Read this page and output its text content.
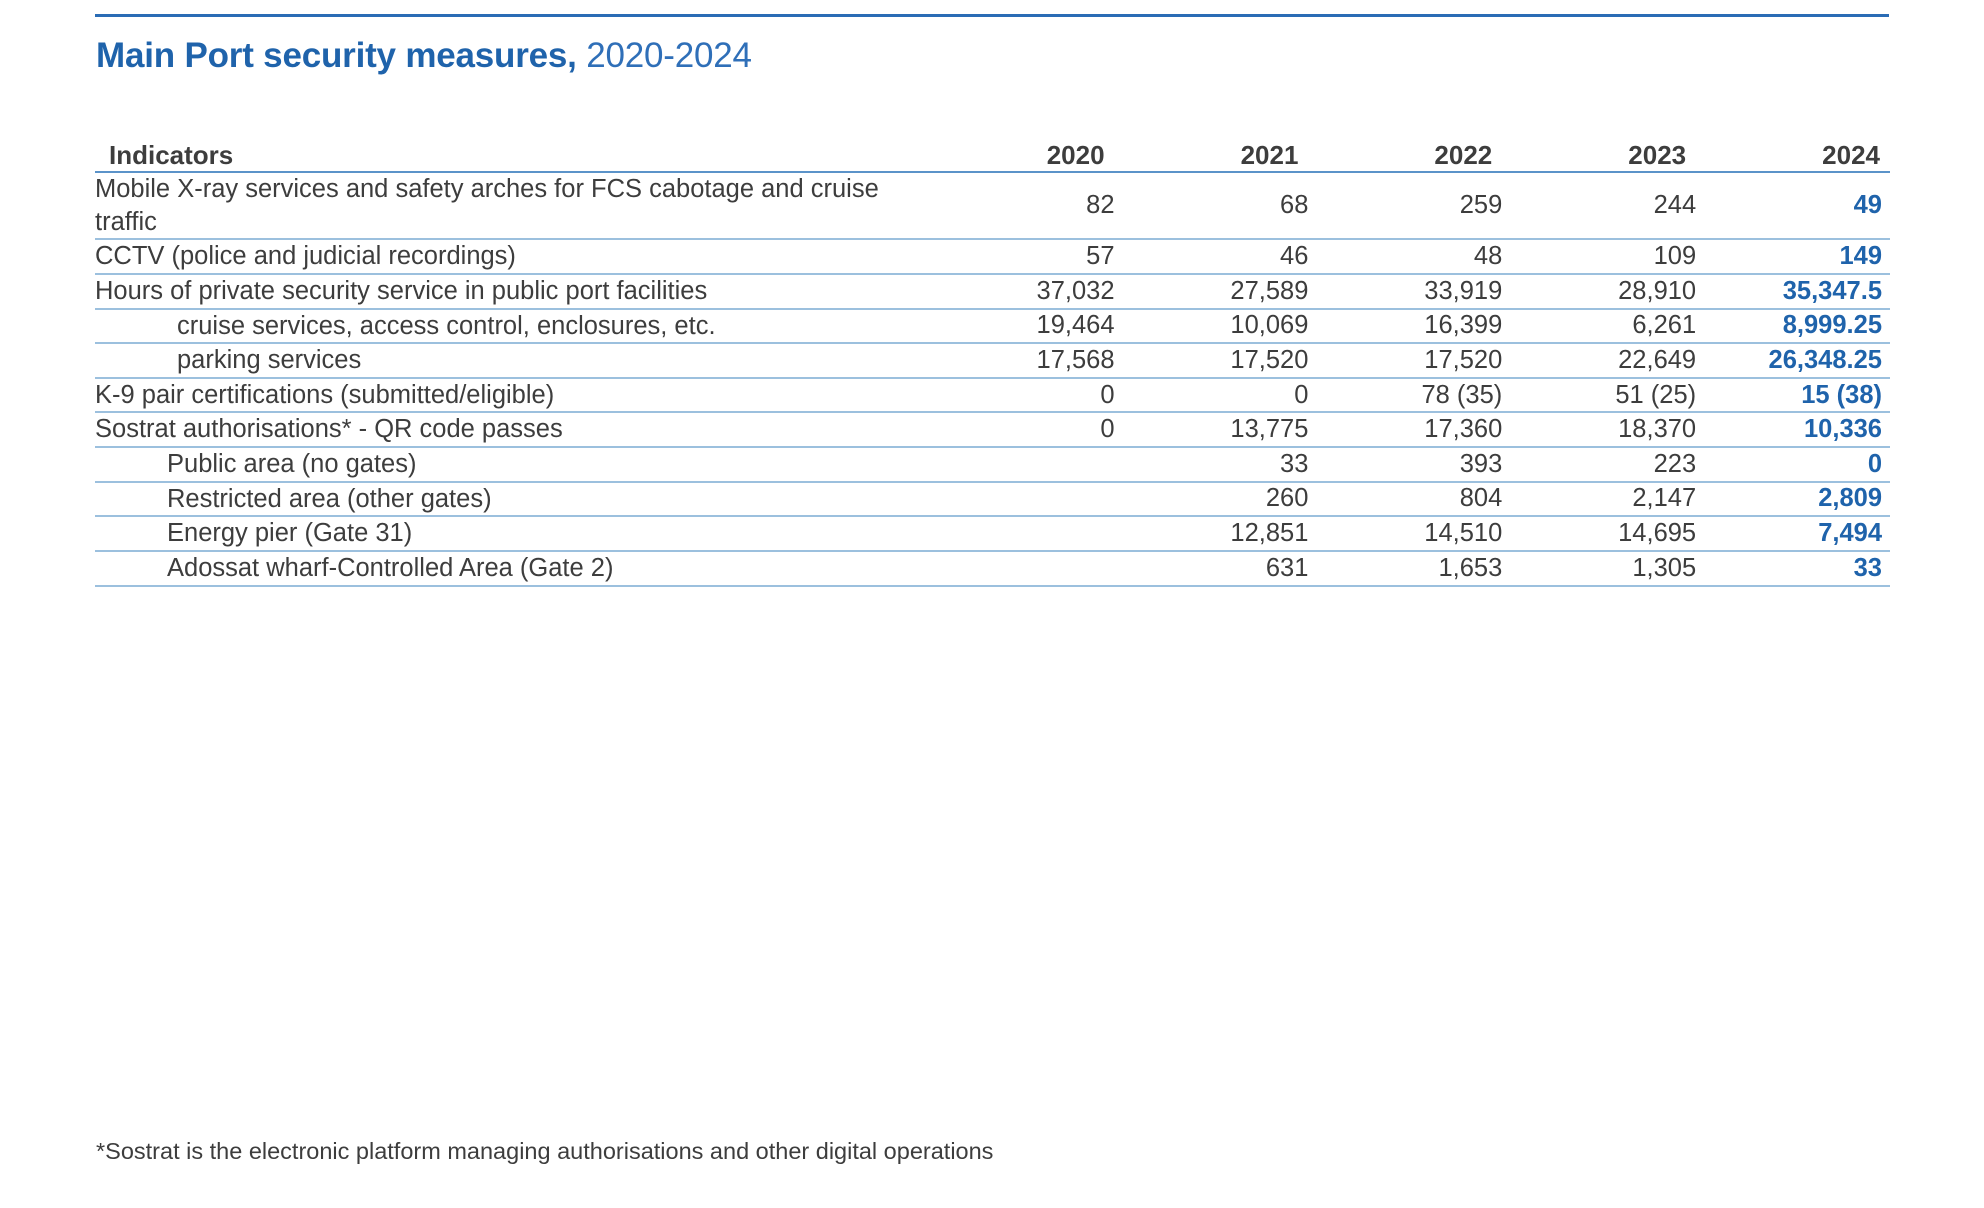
Main Port security measures, 2020-2024
Indicators	2020	2021	2022	2023	2024
Mobile X-ray services and safety arches for FCS cabotage and cruise traffic	82	68	259	244	49
CCTV (police and judicial recordings)	57	46	48	109	149
Hours of private security service in public port facilities	37,032	27,589	33,919	28,910	35,347.5
cruise services, access control, enclosures, etc.	19,464	10,069	16,399	6,261	8,999.25
parking services	17,568	17,520	17,520	22,649	26,348.25
K-9 pair certifications (submitted/eligible)	0	0	78 (35)	51 (25)	15 (38)
Sostrat authorisations* - QR code passes	0	13,775	17,360	18,370	10,336
Public area (no gates)		33	393	223	0
Restricted area (other gates)		260	804	2,147	2,809
Energy pier (Gate 31)		12,851	14,510	14,695	7,494
Adossat wharf-Controlled Area (Gate 2)		631	1,653	1,305	33
*Sostrat is the electronic platform managing authorisations and other digital operations
